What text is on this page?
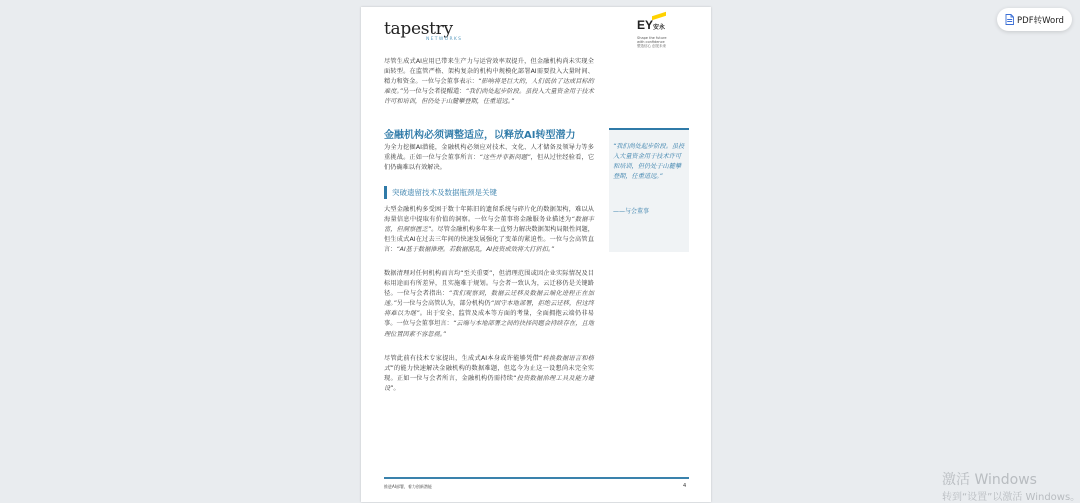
tapestry
NETWORKS
EY安永
Shape the future
with confidence
塑造信心 创见未来

尽管生成式AI应用已带来生产力与运营效率双提升，但金融机构尚未实现全面转型。在监管严格、架构复杂的机构中规模化部署AI需要投入大量时间、精力和资金。一位与会董事表示：“影响将是巨大的，人们低估了达成目标的难度。”另一位与会者提醒道：“我们尚处起步阶段。虽投入大量资金用于技术许可和培训，但仍处于山麓攀登期，任重道远。”

金融机构必须调整适应，以释放AI转型潜力

为全力挖掘AI潜能，金融机构必须应对技术、文化、人才储备及领导力等多重挑战。正如一位与会董事所言：“这些并非新问题”，但从过往经验看，它们仍确难以有效解决。

突破遗留技术及数据瓶颈是关键

大型金融机构多受困于数十年陈旧的遗留系统与碎片化的数据架构，难以从海量信息中提取有价值的洞察。一位与会董事将金融服务业描述为“数据丰富，但洞察匮乏”。尽管金融机构多年来一直努力解决数据架构局限性问题，但生成式AI在过去三年间的快速发展强化了变革的紧迫性。一位与会高管直言：“AI基于数据推理。若数据混乱，AI投资成效将大打折扣。”

数据清理对任何机构而言均“至关重要”，但清理范围或因企业实际情况及目标用途而有所差异，且实施难于规划。与会者一致认为，云迁移仍是关键路径。一位与会者指出：“我们观察到，数据云迁移及数据云端化进程正在加速。”另一位与会高管认为，部分机构仍“固守本地部署，拒绝云迁移，但这终将难以为继”。出于安全、监管及成本等方面的考量，全面拥抱云端仍非易事。一位与会董事坦言：“云端与本地部署之间的抉择问题会持续存在，且地理位置因素不容忽视。”

尽管此前有技术专家提出，生成式AI本身或许能够凭借“转换数据语言和格式”的能力快速解决金融机构的数据难题，但迄今为止这一设想尚未完全实现。正如一位与会者所言，金融机构仍需持续“投资数据治理工具及能力建设”。

“我们尚处起步阶段。虽投入大量资金用于技术许可和培训，但仍处于山麓攀登期，任重道远。”
——与会董事
推进AI部署，着力创新潜能	4
PDF转Word
激活 Windows
转到“设置”以激活 Windows。
